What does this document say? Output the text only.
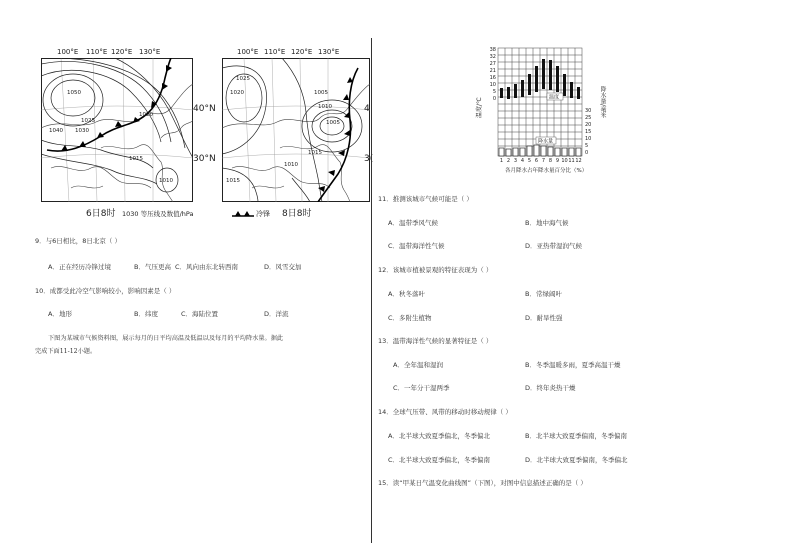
100°E 110°E 120°E 130°E
1050
1040 1030
1025
1020
1015
1010
40°N
30°N
6日8时 1030 等压线及数值/hPa	冷锋 8日8时
100°E 110°E 120°E 130°E
1025
1020
1015
1010
1005
1005
1010
1015
4
3(
9．与6日相比，8日北京（ ）
A．正在经历冷锋过境	B．气压更高 C．风向由东北转西南	D．风雪交加
10．成都受此冷空气影响较小，影响因素是（ ）
A．地形	B．纬度	C．海陆位置	D．洋流
下图为某城市气候资料图，展示每月的日平均高温及低温以及每月的平均降水量。据此
完成下面11-12小题。
温度/℃	降水量/毫米
38
32
27
21
16
10
5
0
30
25
20
15
10
5
0
温度
降水量
1 2 3 4 5 6 7 8 9 10 11 12
各月降水占年降水量百分比（%）
11．推测该城市气候可能是（ ）
A．温带季风气候	B．地中海气候
C．温带海洋性气候	D．亚热带湿润气候
12．该城市植被景观的特征表现为（ ）
A．秋冬落叶	B．常绿阔叶
C．多附生植物	D．耐旱性强
13．温带海洋性气候的显著特征是（ ）
A．全年温和湿润	B．冬季温暖多雨，夏季高温干燥
C．一年分干湿两季	D．终年炎热干燥
14．全球气压带、风带的移动时移动规律（ ）
A．北半球大致夏季偏北，冬季偏北	B．北半球大致夏季偏南，冬季偏南
C．北半球大致夏季偏北，冬季偏南	D．北半球大致夏季偏南，冬季偏北
15．读“甲某日气温变化曲线图”（下图），对图中信息描述正确的是（ ）
